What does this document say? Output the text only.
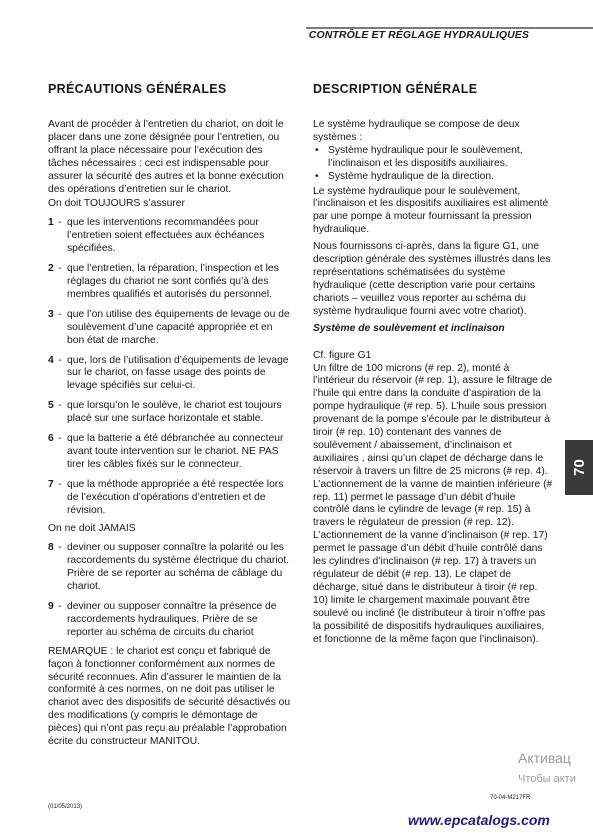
CONTRÔLE ET RÉGLAGE HYDRAULIQUES
PRÉCAUTIONS GÉNÉRALES

Avant de procéder à l’entretien du chariot, on doit le placer dans une zone désignée pour l’entretien, ou offrant la place nécessaire pour l’exécution des tâches nécessaires : ceci est indispensable pour assurer la sécurité des autres et la bonne exécution des opérations d’entretien sur le chariot.

On doit TOUJOURS s’assurer

1 - que les interventions recommandées pour l’entretien soient effectuées aux échéances spécifiées.
2 - que l’entretien, la réparation, l’inspection et les réglages du chariot ne sont confiés qu’à des membres qualifiés et autorisés du personnel.
3 - que l’on utilise des équipements de levage ou de soulèvement d’une capacité appropriée et en bon état de marche.
4 - que, lors de l’utilisation d’équipements de levage sur le chariot, on fasse usage des points de levage spécifiés sur celui-ci.
5 - que lorsqu’on le soulève, le chariot est toujours placé sur une surface horizontale et stable.
6 - que la batterie a été débranchée au connecteur avant toute intervention sur le chariot. NE PAS tirer les câbles fixés sur le connecteur.
7 - que la méthode appropriée a été respectée lors de l’exécution d’opérations d’entretien et de révision.

On ne doit JAMAIS

8 - deviner ou supposer connaître la polarité ou les raccordements du système électrique du chariot. Prière de se reporter au schéma de câblage du chariot.
9 - deviner ou supposer connaître la présence de raccordements hydrauliques. Prière de se reporter au schéma de circuits du chariot

REMARQUE : le chariot est conçu et fabriqué de façon à fonctionner conformément aux normes de sécurité reconnues. Afin d’assurer le maintien de la conformité à ces normes, on ne doit pas utiliser le chariot avec des dispositifs de sécurité désactivés ou des modifications (y compris le démontage de pièces) qui n’ont pas reçu au préalable l’approbation écrite du constructeur MANITOU.

DESCRIPTION GÉNÉRALE

Le système hydraulique se compose de deux systèmes :

• Système hydraulique pour le soulèvement, l’inclinaison et les dispositifs auxiliaires.
• Système hydraulique de la direction.

Le système hydraulique pour le soulèvement, l’inclinaison et les dispositifs auxiliaires est alimenté par une pompe à moteur fournissant la pression hydraulique.

Nous fournissons ci-après, dans la figure G1, une description générale des systèmes illustrés dans les représentations schématisées du système hydraulique (cette description varie pour certains chariots – veuillez vous reporter au schéma du système hydraulique fourni avec votre chariot).

Système de soulèvement et inclinaison

Cf. figure G1

Un filtre de 100 microns (# rep. 2), monté à l’intérieur du réservoir (# rep. 1), assure le filtrage de l’huile qui entre dans la conduite d’aspiration de la pompe hydraulique (# rep. 5). L’huile sous pression provenant de la pompe s’écoule par le distributeur à tiroir (# rep. 10) contenant des vannes de soulèvement / abaissement, d’inclinaison et auxiliaires , ainsi qu’un clapet de décharge dans le réservoir à travers un filtre de 25 microns (# rep. 4). L’actionnement de la vanne de maintien inférieure (# rep. 11) permet le passage d’un débit d’huile contrôlé dans le cylindre de levage (# rep. 15) à travers le régulateur de pression (# rep. 12). L’actionnement de la vanne d’inclinaison (# rep. 17) permet le passage d’un débit d’huile contrôlé dans les cylindres d’inclinaison (# rep. 17) à travers un régulateur de débit (# rep. 13). Le clapet de décharge, situé dans le distributeur à tiroir (# rep. 10) limite le chargement maximale pouvant être soulevé ou incliné (le distributeur à tiroir n’offre pas la possibilité de dispositifs hydrauliques auxiliaires, et fonctionne de la même façon que l’inclinaison).

70
(01/05/2013)
70-04-M217FR
Активац
Чтобы акти
www.epcatalogs.com
